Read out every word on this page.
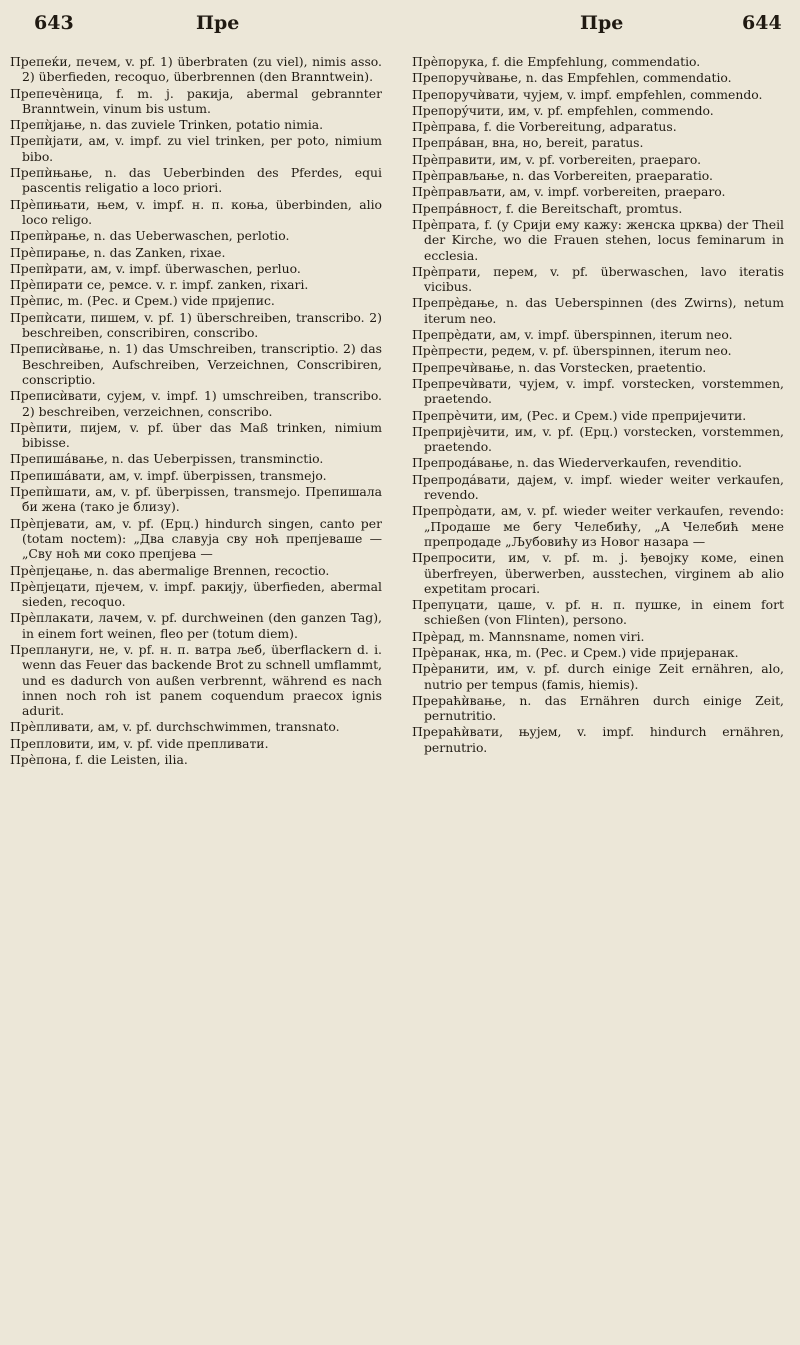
643	Пре	Пре	644

Препеќи, печем, v. pf. 1) überbraten (zu viel), nimis asso. 2) überfieden, recoquo, überbrennen (den Branntwein).

Препечèница, f. m. j. ракија, abermal gebrannter Branntwein, vinum bis ustum.

Препѝјање, n. das zuviele Trinken, potatio nimia.

Препѝјати, ам, v. impf. zu viel trinken, per poto, nimium bibo.

Препѝњање, n. das Ueberbinden des Pferdes, equi pascentis religatio a loco priori.

Прѐпињати, њем, v. impf. н. п. коња, überbinden, alio loco religo.

Препѝрање, n. das Ueberwaschen, perlotio.

Прѐпирање, n. das Zanken, rixae.

Препѝрати, ам, v. impf. überwaschen, perluo.

Прѐпирати се, ремсе. v. r. impf. zanken, rixari.

Прѐпис, m. (Рес. и Срем.) vide пријепис.

Препѝсати, пишем, v. pf. 1) überschreiben, transcribo. 2) beschreiben, conscribiren, conscribo.

Преписѝвање, n. 1) das Umschreiben, transcriptio. 2) das Beschreiben, Aufschreiben, Verzeichnen, Conscribiren, conscriptio.

Преписѝвати, сујем, v. impf. 1) umschreiben, transcribo. 2) beschreiben, verzeichnen, conscribo.

Прѐпити, пијем, v. pf. über das Maß trinken, nimium bibisse.

Препишáвање, n. das Ueberpissen, transminctio.

Препишáвати, ам, v. impf. überpissen, transmejo.

Препѝшати, ам, v. pf. überpissen, transmejo. Препишала би жена (тако је близу).

Прѐпјевати, ам, v. pf. (Ерц.) hindurch singen, canto per (totam noctem): „Два славуја сву ноћ препјеваше — „Сву ноћ ми соко препјева —

Прѐпјецање, n. das abermalige Brennen, recoctio.

Прѐпјецати, пјечем, v. impf. ракију, überfieden, abermal sieden, recoquo.

Прѐплакати, лачем, v. pf. durchweinen (den ganzen Tag), in einem fort weinen, fleo per (totum diem).

Преплануги, не, v. pf. н. п. ватра љеб, überflackern d. i. wenn das Feuer das backende Brot zu schnell umflammt, und es dadurch von außen verbrennt, während es nach innen noch roh ist panem coquendum praecox ignis adurit.

Прѐпливати, ам, v. pf. durchschwimmen, transnato.

Препловити, им, v. pf. vide препливати.

Прѐпона, f. die Leisten, ilia.

Прѐпорука, f. die Empfehlung, commendatio.

Препоручѝвање, n. das Empfehlen, commendatio.

Препоручѝвати, чујем, v. impf. empfehlen, commendo.

Препорýчити, им, v. pf. empfehlen, commendo.

Прѐправа, f. die Vorbereitung, adparatus.

Препрáван, вна, но, bereit, paratus.

Прѐправити, им, v. pf. vorbereiten, praeparo.

Прѐправљање, n. das Vorbereiten, praeparatio.

Прѐправљати, ам, v. impf. vorbereiten, praeparo.

Препрáвност, f. die Bereitschaft, promtus.

Прѐпрата, f. (у Срији ему кажу: женска црква) der Theil der Kirche, wo die Frauen stehen, locus feminarum in ecclesia.

Прѐпрати, перем, v. pf. überwaschen, lavo iteratis vicibus.

Препрѐдање, n. das Ueberspinnen (des Zwirns), netum iterum neo.

Препрѐдати, ам, v. impf. überspinnen, iterum neo.

Прѐпрести, редем, v. pf. überspinnen, iterum neo.

Препречѝвање, n. das Vorstecken, praetentio.

Препречѝвати, чујем, v. impf. vorstecken, vorstemmen, praetendo.

Препрѐчити, им, (Рес. и Срем.) vide препријечити.

Препријѐчити, им, v. pf. (Ерц.) vorstecken, vorstemmen, praetendo.

Препродáвање, n. das Wiederverkaufen, revenditio.

Препродáвати, дајем, v. impf. wieder weiter verkaufen, revendo.

Препрòдати, ам, v. pf. wieder weiter verkaufen, revendo: „Продаше ме бегу Челебићу, „А Челебић мене препродаде „Љубовићу из Новог назара —

Препросити, им, v. pf. m. j. ђевојку коме, einen überfreyen, überwerben, ausstechen, virginem ab alio expetitam procari.

Препуцати, цаше, v. pf. н. п. пушке, in einem fort schießen (von Flinten), persono.

Прѐрад, m. Mannsname, nomen viri.

Прѐранак, нка, m. (Рес. и Срем.) vide пријеранак.

Прѐранити, им, v. pf. durch einige Zeit ernähren, alo, nutrio per tempus (famis, hiemis).

Прераћѝвање, n. das Ernähren durch einige Zeit, pernutritio.

Прераћѝвати, њујем, v. impf. hindurch ernähren, pernutrio.
